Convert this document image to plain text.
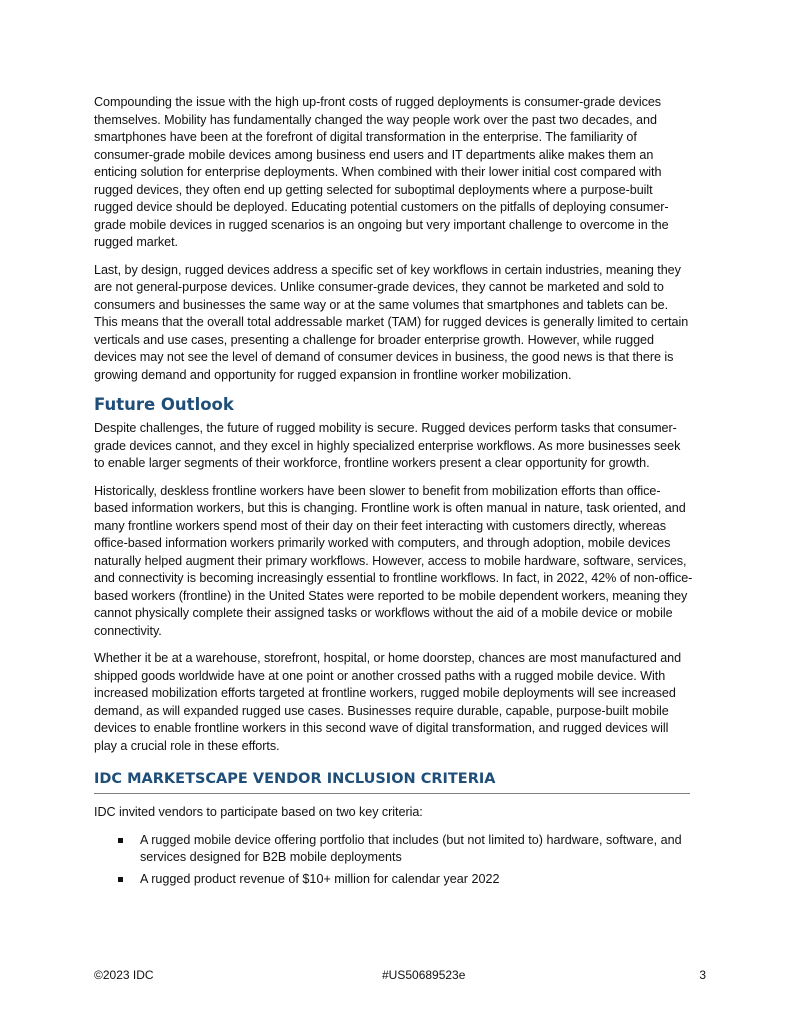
Compounding the issue with the high up-front costs of rugged deployments is consumer-grade devices themselves. Mobility has fundamentally changed the way people work over the past two decades, and smartphones have been at the forefront of digital transformation in the enterprise. The familiarity of consumer-grade mobile devices among business end users and IT departments alike makes them an enticing solution for enterprise deployments. When combined with their lower initial cost compared with rugged devices, they often end up getting selected for suboptimal deployments where a purpose-built rugged device should be deployed. Educating potential customers on the pitfalls of deploying consumer-grade mobile devices in rugged scenarios is an ongoing but very important challenge to overcome in the rugged market.

Last, by design, rugged devices address a specific set of key workflows in certain industries, meaning they are not general-purpose devices. Unlike consumer-grade devices, they cannot be marketed and sold to consumers and businesses the same way or at the same volumes that smartphones and tablets can be. This means that the overall total addressable market (TAM) for rugged devices is generally limited to certain verticals and use cases, presenting a challenge for broader enterprise growth. However, while rugged devices may not see the level of demand of consumer devices in business, the good news is that there is growing demand and opportunity for rugged expansion in frontline worker mobilization.

Future Outlook

Despite challenges, the future of rugged mobility is secure. Rugged devices perform tasks that consumer-grade devices cannot, and they excel in highly specialized enterprise workflows. As more businesses seek to enable larger segments of their workforce, frontline workers present a clear opportunity for growth.

Historically, deskless frontline workers have been slower to benefit from mobilization efforts than office-based information workers, but this is changing. Frontline work is often manual in nature, task oriented, and many frontline workers spend most of their day on their feet interacting with customers directly, whereas office-based information workers primarily worked with computers, and through adoption, mobile devices naturally helped augment their primary workflows. However, access to mobile hardware, software, services, and connectivity is becoming increasingly essential to frontline workflows. In fact, in 2022, 42% of non-office-based workers (frontline) in the United States were reported to be mobile dependent workers, meaning they cannot physically complete their assigned tasks or workflows without the aid of a mobile device or mobile connectivity.

Whether it be at a warehouse, storefront, hospital, or home doorstep, chances are most manufactured and shipped goods worldwide have at one point or another crossed paths with a rugged mobile device. With increased mobilization efforts targeted at frontline workers, rugged mobile deployments will see increased demand, as will expanded rugged use cases. Businesses require durable, capable, purpose-built mobile devices to enable frontline workers in this second wave of digital transformation, and rugged devices will play a crucial role in these efforts.

IDC MARKETSCAPE VENDOR INCLUSION CRITERIA

IDC invited vendors to participate based on two key criteria:

A rugged mobile device offering portfolio that includes (but not limited to) hardware, software, and services designed for B2B mobile deployments
A rugged product revenue of $10+ million for calendar year 2022
©2023 IDC	#US50689523e	3
